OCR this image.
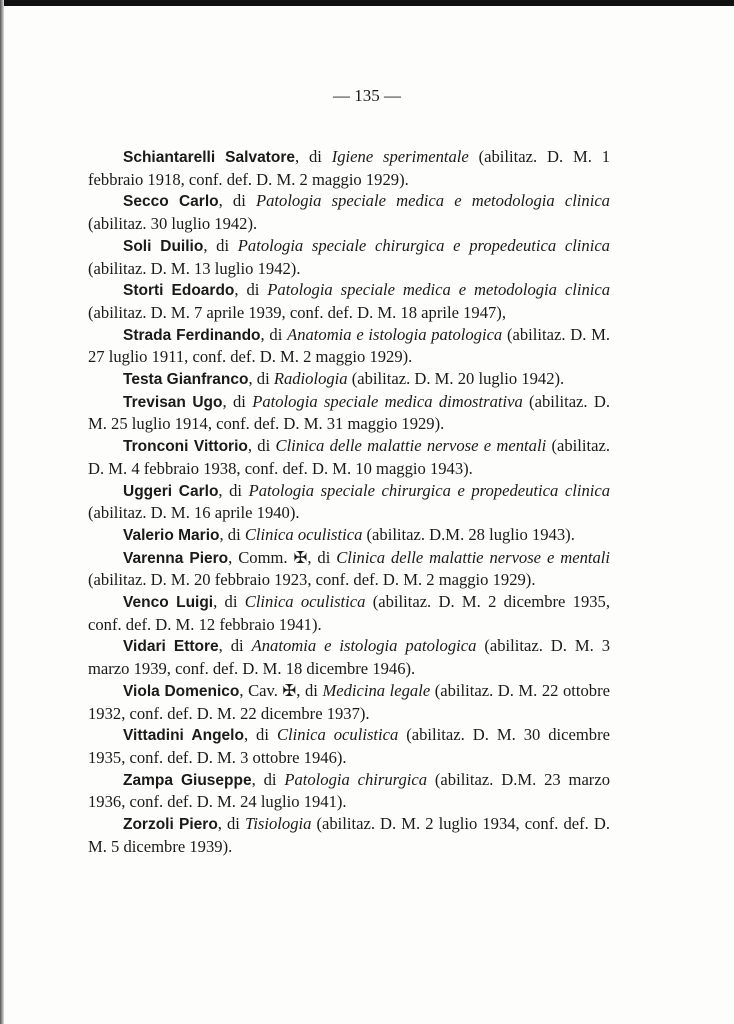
— 135 —

Schiantarelli Salvatore, di Igiene sperimentale (abilitaz. D. M. 1 febbraio 1918, conf. def. D. M. 2 maggio 1929).

Secco Carlo, di Patologia speciale medica e metodologia clinica (abilitaz. 30 luglio 1942).

Soli Duilio, di Patologia speciale chirurgica e propedeutica clinica (abilitaz. D. M. 13 luglio 1942).

Storti Edoardo, di Patologia speciale medica e metodologia clinica (abilitaz. D. M. 7 aprile 1939, conf. def. D. M. 18 aprile 1947),

Strada Ferdinando, di Anatomia e istologia patologica (abilitaz. D. M. 27 luglio 1911, conf. def. D. M. 2 maggio 1929).

Testa Gianfranco, di Radiologia (abilitaz. D. M. 20 luglio 1942).

Trevisan Ugo, di Patologia speciale medica dimostrativa (abilitaz. D. M. 25 luglio 1914, conf. def. D. M. 31 maggio 1929).

Tronconi Vittorio, di Clinica delle malattie nervose e mentali (abilitaz. D. M. 4 febbraio 1938, conf. def. D. M. 10 maggio 1943).

Uggeri Carlo, di Patologia speciale chirurgica e propedeutica clinica (abilitaz. D. M. 16 aprile 1940).

Valerio Mario, di Clinica oculistica (abilitaz. D.M. 28 luglio 1943).

Varenna Piero, Comm. ✠, di Clinica delle malattie nervose e mentali (abilitaz. D. M. 20 febbraio 1923, conf. def. D. M. 2 maggio 1929).

Venco Luigi, di Clinica oculistica (abilitaz. D. M. 2 dicembre 1935, conf. def. D. M. 12 febbraio 1941).

Vidari Ettore, di Anatomia e istologia patologica (abilitaz. D. M. 3 marzo 1939, conf. def. D. M. 18 dicembre 1946).

Viola Domenico, Cav. ✠, di Medicina legale (abilitaz. D. M. 22 ottobre 1932, conf. def. D. M. 22 dicembre 1937).

Vittadini Angelo, di Clinica oculistica (abilitaz. D. M. 30 dicembre 1935, conf. def. D. M. 3 ottobre 1946).

Zampa Giuseppe, di Patologia chirurgica (abilitaz. D.M. 23 marzo 1936, conf. def. D. M. 24 luglio 1941).

Zorzoli Piero, di Tisiologia (abilitaz. D. M. 2 luglio 1934, conf. def. D. M. 5 dicembre 1939).
